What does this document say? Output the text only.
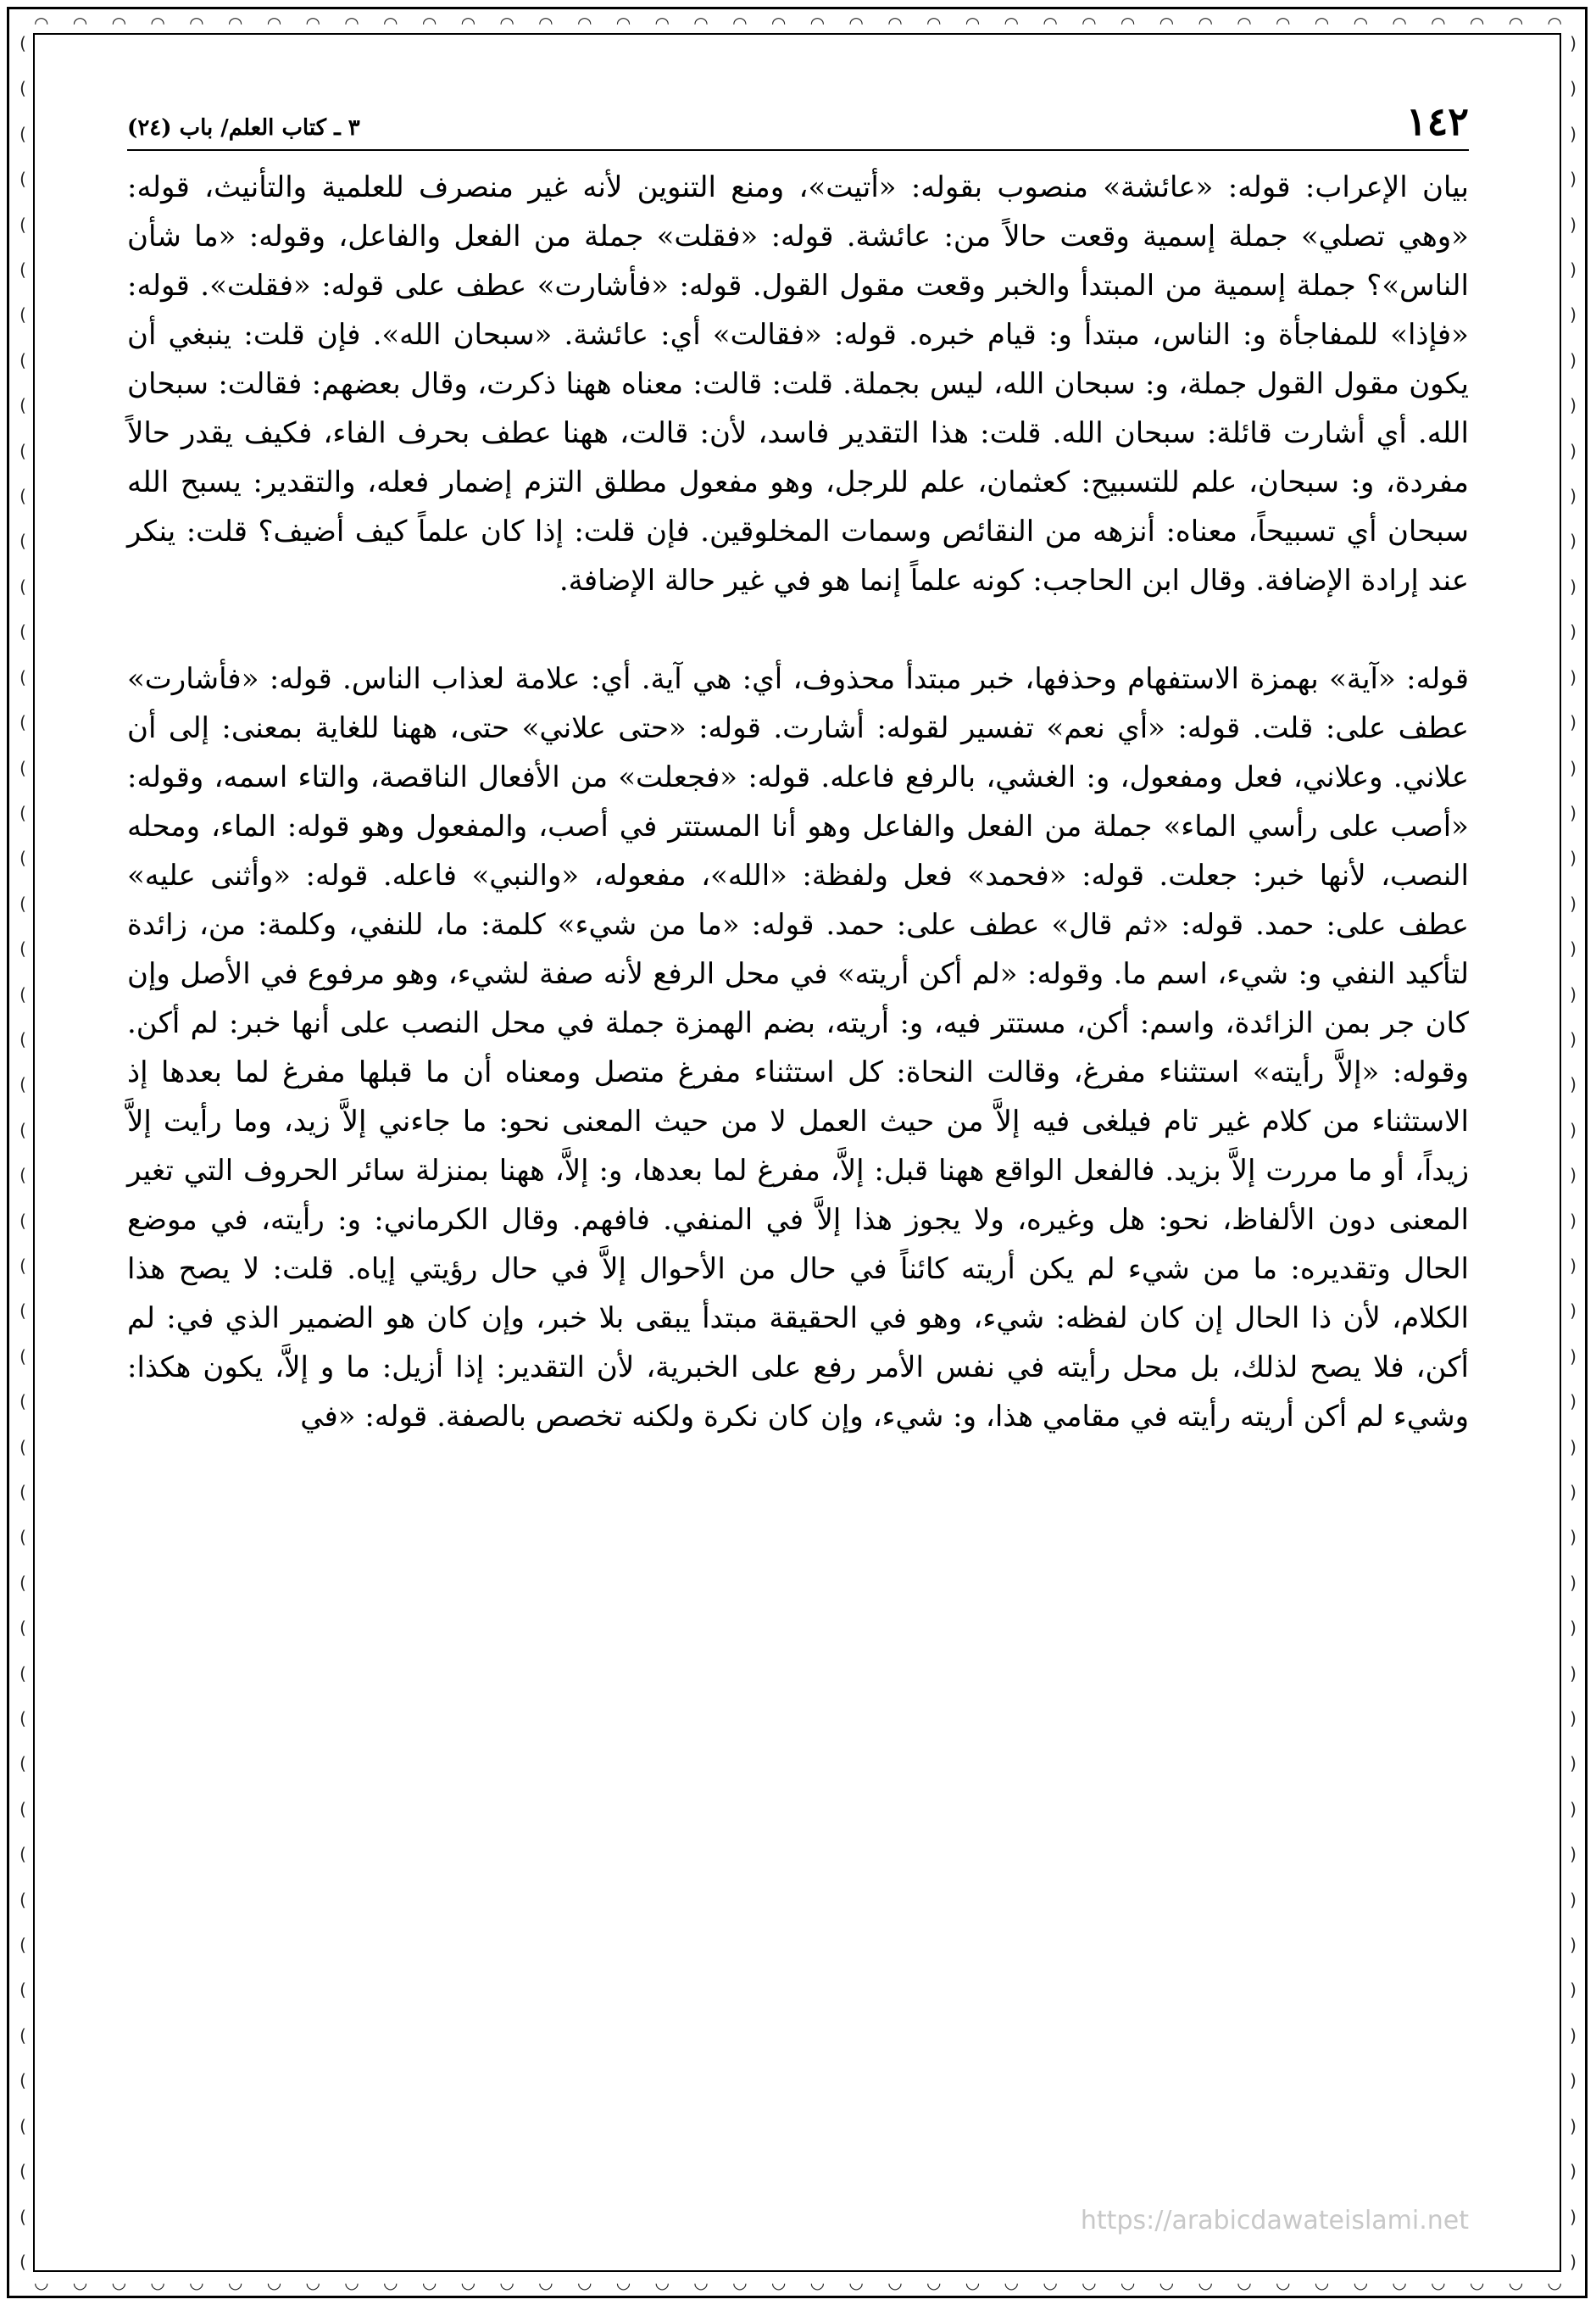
◠ ◠ ◠ ◠ ◠ ◠ ◠ ◠ ◠ ◠ ◠ ◠ ◠ ◠ ◠ ◠ ◠ ◠ ◠ ◠ ◠ ◠ ◠ ◠ ◠ ◠ ◠ ◠ ◠ ◠ ◠ ◠ ◠ ◠ ◠ ◠ ◠ ◠ ◠ ◠
◡ ◡ ◡ ◡ ◡ ◡ ◡ ◡ ◡ ◡ ◡ ◡ ◡ ◡ ◡ ◡ ◡ ◡ ◡ ◡ ◡ ◡ ◡ ◡ ◡ ◡ ◡ ◡ ◡ ◡ ◡ ◡ ◡ ◡ ◡ ◡ ◡ ◡ ◡ ◡
(
(
(
(
(
(
(
(
(
(
(
(
(
(
(
(
(
(
(
(
(
(
(
(
(
(
(
(
(
(
(
(
(
(
(
(
(
(
(
(
(
(
(
(
(
(
(
(
(
(
)
)
)
)
)
)
)
)
)
)
)
)
)
)
)
)
)
)
)
)
)
)
)
)
)
)
)
)
)
)
)
)
)
)
)
)
)
)
)
)
)
)
)
)
)
)
)
)
)
)
١٤٢
٣ ـ كتاب العلم/ باب (٢٤)

بيان الإعراب: قوله: «عائشة» منصوب بقوله: «أتيت»، ومنع التنوين لأنه غير منصرف للعلمية والتأنيث، قوله: «وهي تصلي» جملة إسمية وقعت حالاً من: عائشة. قوله: «فقلت» جملة من الفعل والفاعل، وقوله: «ما شأن الناس»؟ جملة إسمية من المبتدأ والخبر وقعت مقول القول. قوله: «فأشارت» عطف على قوله: «فقلت». قوله: «فإذا» للمفاجأة و: الناس، مبتدأ و: قيام خبره. قوله: «فقالت» أي: عائشة. «سبحان الله». فإن قلت: ينبغي أن يكون مقول القول جملة، و: سبحان الله، ليس بجملة. قلت: قالت: معناه ههنا ذكرت، وقال بعضهم: فقالت: سبحان الله. أي أشارت قائلة: سبحان الله. قلت: هذا التقدير فاسد، لأن: قالت، ههنا عطف بحرف الفاء، فكيف يقدر حالاً مفردة، و: سبحان، علم للتسبيح: كعثمان، علم للرجل، وهو مفعول مطلق التزم إضمار فعله، والتقدير: يسبح الله سبحان أي تسبيحاً، معناه: أنزهه من النقائص وسمات المخلوقين. فإن قلت: إذا كان علماً كيف أضيف؟ قلت: ينكر عند إرادة الإضافة. وقال ابن الحاجب: كونه علماً إنما هو في غير حالة الإضافة.

قوله: «آية» بهمزة الاستفهام وحذفها، خبر مبتدأ محذوف، أي: هي آية. أي: علامة لعذاب الناس. قوله: «فأشارت» عطف على: قلت. قوله: «أي نعم» تفسير لقوله: أشارت. قوله: «حتى علاني» حتى، ههنا للغاية بمعنى: إلى أن علاني. وعلاني، فعل ومفعول، و: الغشي، بالرفع فاعله. قوله: «فجعلت» من الأفعال الناقصة، والتاء اسمه، وقوله: «أصب على رأسي الماء» جملة من الفعل والفاعل وهو أنا المستتر في أصب، والمفعول وهو قوله: الماء، ومحله النصب، لأنها خبر: جعلت. قوله: «فحمد» فعل ولفظة: «الله»، مفعوله، «والنبي» فاعله. قوله: «وأثنى عليه» عطف على: حمد. قوله: «ثم قال» عطف على: حمد. قوله: «ما من شيء» كلمة: ما، للنفي، وكلمة: من، زائدة لتأكيد النفي و: شيء، اسم ما. وقوله: «لم أكن أريته» في محل الرفع لأنه صفة لشيء، وهو مرفوع في الأصل وإن كان جر بمن الزائدة، واسم: أكن، مستتر فيه، و: أريته، بضم الهمزة جملة في محل النصب على أنها خبر: لم أكن. وقوله: «إلاَّ رأيته» استثناء مفرغ، وقالت النحاة: كل استثناء مفرغ متصل ومعناه أن ما قبلها مفرغ لما بعدها إذ الاستثناء من كلام غير تام فيلغى فيه إلاَّ من حيث العمل لا من حيث المعنى نحو: ما جاءني إلاَّ زيد، وما رأيت إلاَّ زيداً، أو ما مررت إلاَّ بزيد. فالفعل الواقع ههنا قبل: إلاَّ، مفرغ لما بعدها، و: إلاَّ، ههنا بمنزلة سائر الحروف التي تغير المعنى دون الألفاظ، نحو: هل وغيره، ولا يجوز هذا إلاَّ في المنفي. فافهم. وقال الكرماني: و: رأيته، في موضع الحال وتقديره: ما من شيء لم يكن أريته كائناً في حال من الأحوال إلاَّ في حال رؤيتي إياه. قلت: لا يصح هذا الكلام، لأن ذا الحال إن كان لفظه: شيء، وهو في الحقيقة مبتدأ يبقى بلا خبر، وإن كان هو الضمير الذي في: لم أكن، فلا يصح لذلك، بل محل رأيته في نفس الأمر رفع على الخبرية، لأن التقدير: إذا أزيل: ما و إلاَّ، يكون هكذا: وشيء لم أكن أريته رأيته في مقامي هذا، و: شيء، وإن كان نكرة ولكنه تخصص بالصفة. قوله: «في

https://arabicdawateislami.net
